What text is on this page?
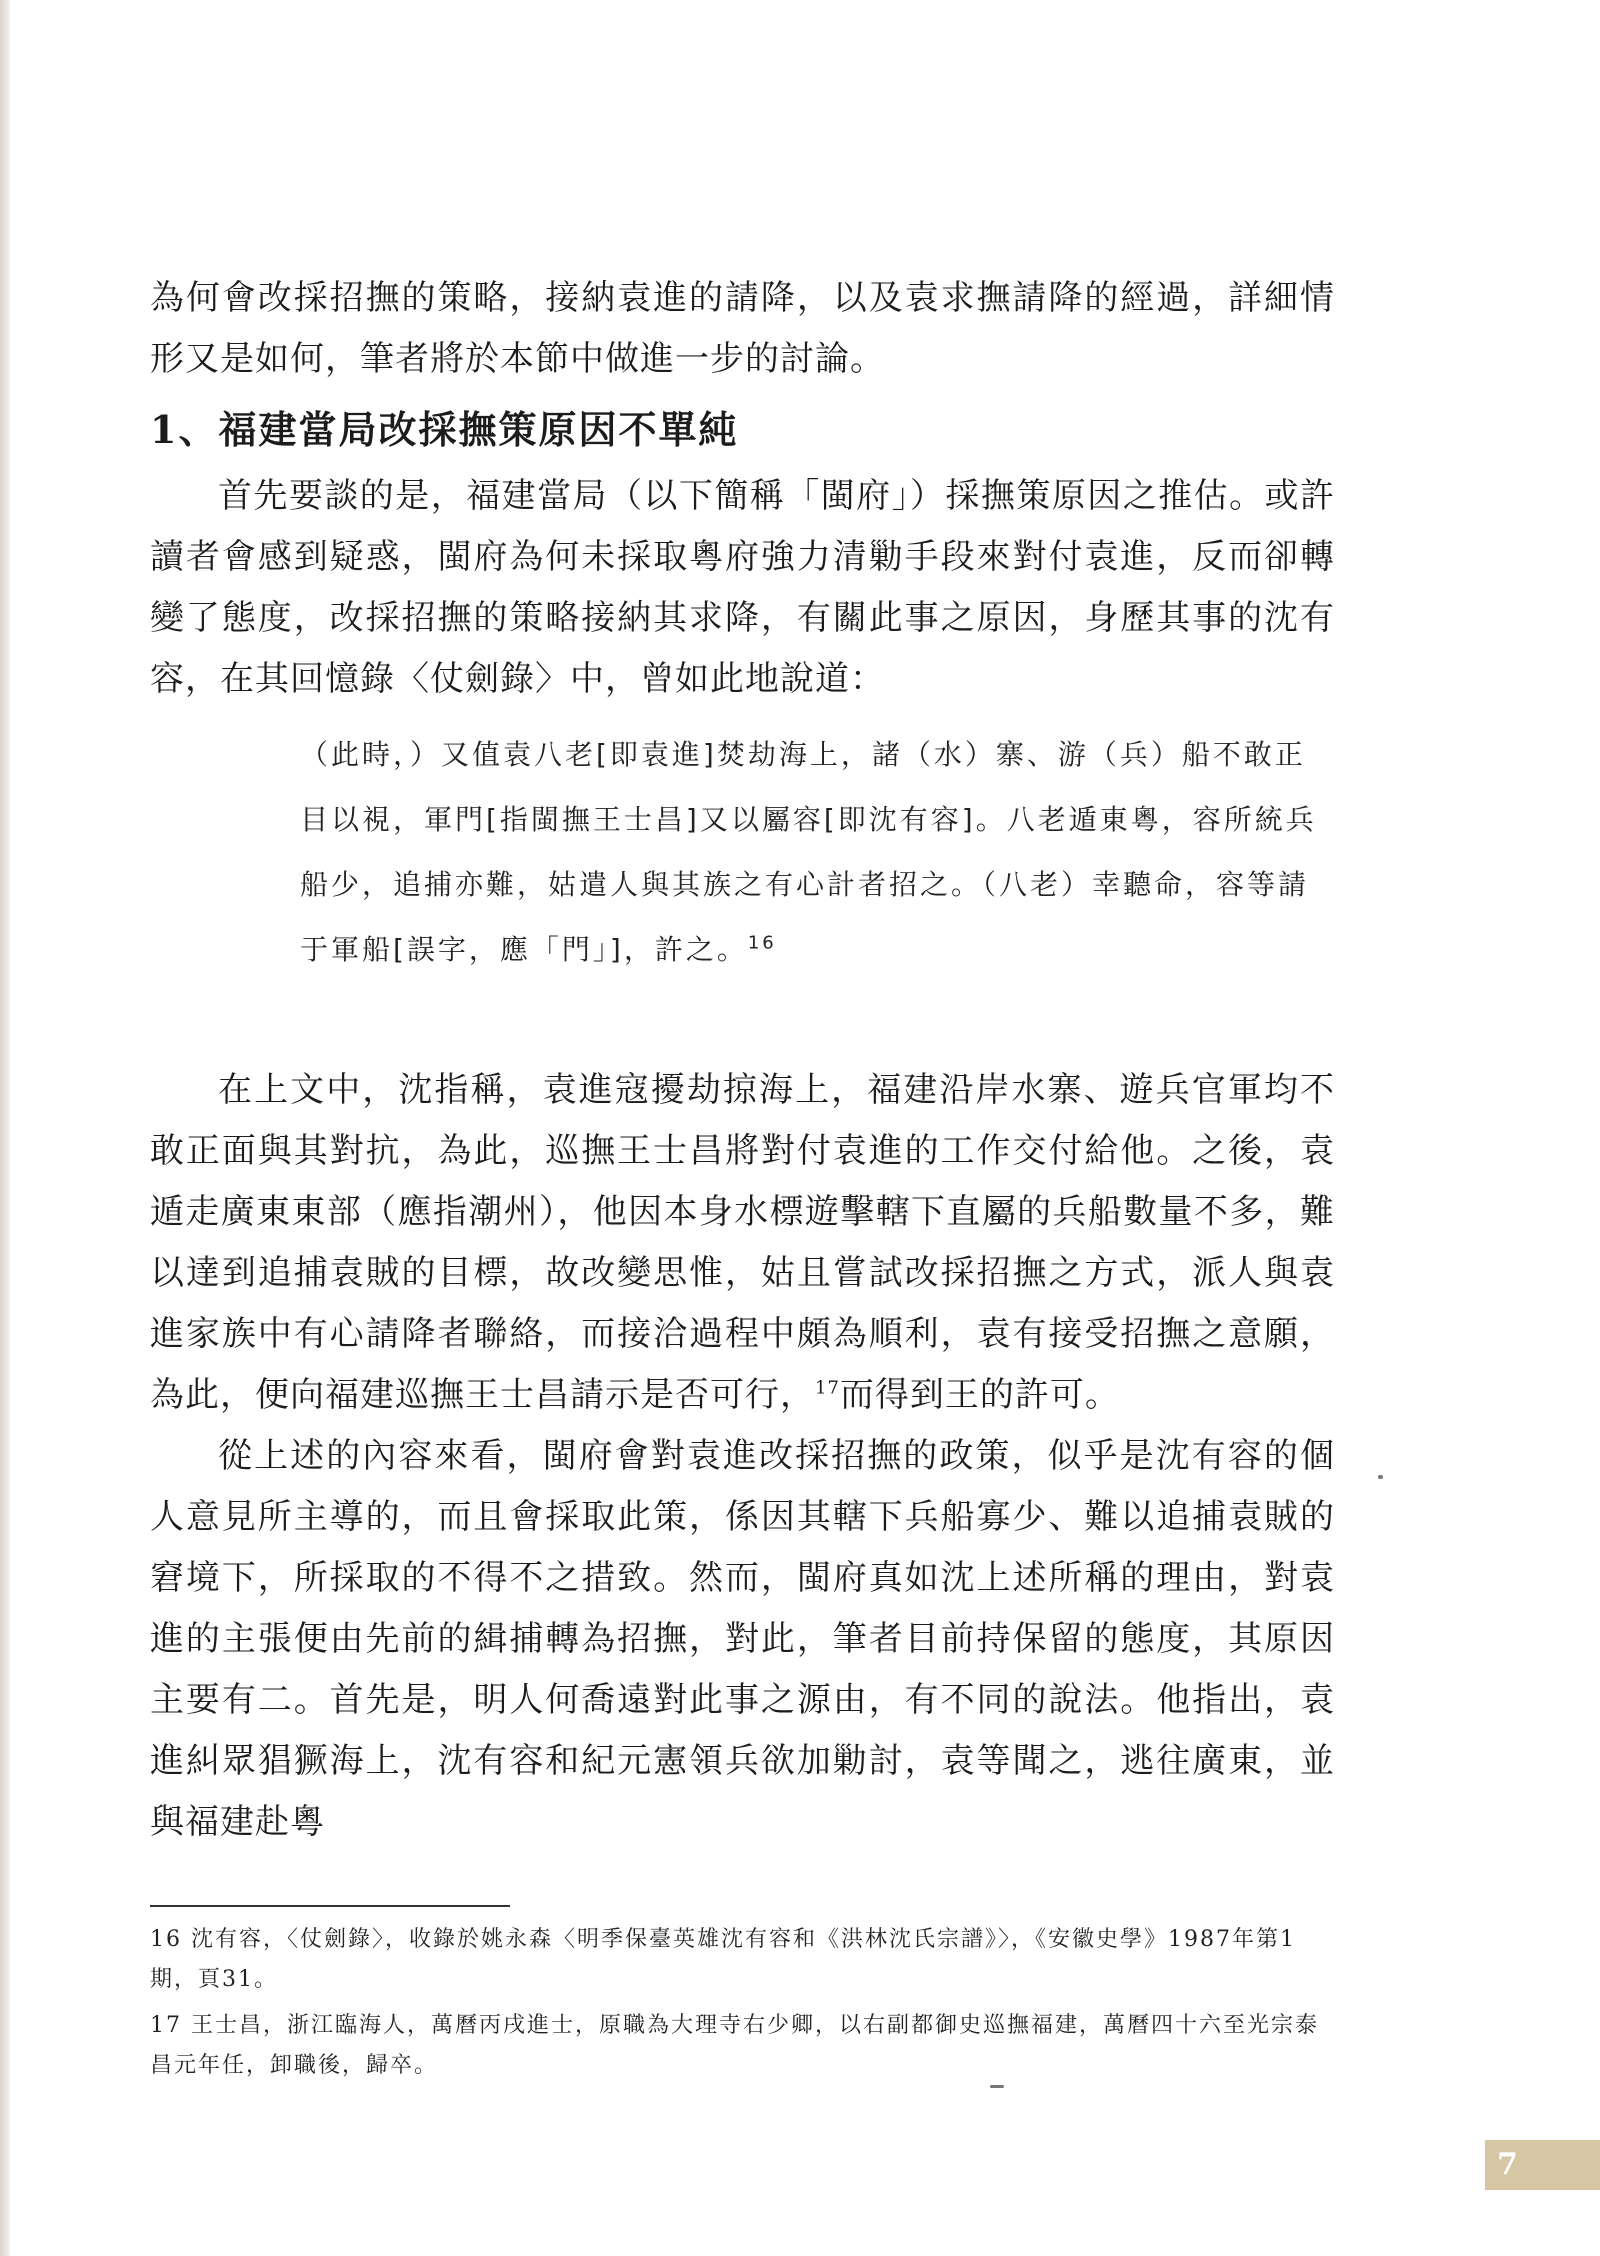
為何會改採招撫的策略，接納袁進的請降，以及袁求撫請降的經過，詳細情形又是如何，筆者將於本節中做進一步的討論。

1、福建當局改採撫策原因不單純

首先要談的是，福建當局（以下簡稱「閩府」）採撫策原因之推估。或許讀者會感到疑惑，閩府為何未採取粵府強力清勦手段來對付袁進，反而卻轉變了態度，改採招撫的策略接納其求降，有關此事之原因，身歷其事的沈有容，在其回憶錄〈仗劍錄〉中，曾如此地說道：

（此時，）又值袁八老[即袁進]焚劫海上，諸（水）寨、游（兵）船不敢正目以視，軍門[指閩撫王士昌]又以屬容[即沈有容]。八老遁東粵，容所統兵船少，追捕亦難，姑遣人與其族之有心計者招之。（八老）幸聽命，容等請于軍船[誤字，應「門」]，許之。$^{16}$

在上文中，沈指稱，袁進寇擾劫掠海上，福建沿岸水寨、遊兵官軍均不敢正面與其對抗，為此，巡撫王士昌將對付袁進的工作交付給他。之後，袁遁走廣東東部（應指潮州），他因本身水標遊擊轄下直屬的兵船數量不多，難以達到追捕袁賊的目標，故改變思惟，姑且嘗試改採招撫之方式，派人與袁進家族中有心請降者聯絡，而接洽過程中頗為順利，袁有接受招撫之意願，為此，便向福建巡撫王士昌請示是否可行，$^{17}$而得到王的許可。

從上述的內容來看，閩府會對袁進改採招撫的政策，似乎是沈有容的個人意見所主導的，而且會採取此策，係因其轄下兵船寡少、難以追捕袁賊的窘境下，所採取的不得不之措致。然而，閩府真如沈上述所稱的理由，對袁進的主張便由先前的緝捕轉為招撫，對此，筆者目前持保留的態度，其原因主要有二。首先是，明人何喬遠對此事之源由，有不同的說法。他指出，袁進糾眾猖獗海上，沈有容和紀元憲領兵欲加勦討，袁等聞之，逃往廣東，並與福建赴粵

16 沈有容，〈仗劍錄〉，收錄於姚永森〈明季保臺英雄沈有容和《洪林沈氏宗譜》〉，《安徽史學》1987年第1期，頁31。

17 王士昌，浙江臨海人，萬曆丙戌進士，原職為大理寺右少卿，以右副都御史巡撫福建，萬曆四十六至光宗泰昌元年任，卸職後，歸卒。

7
